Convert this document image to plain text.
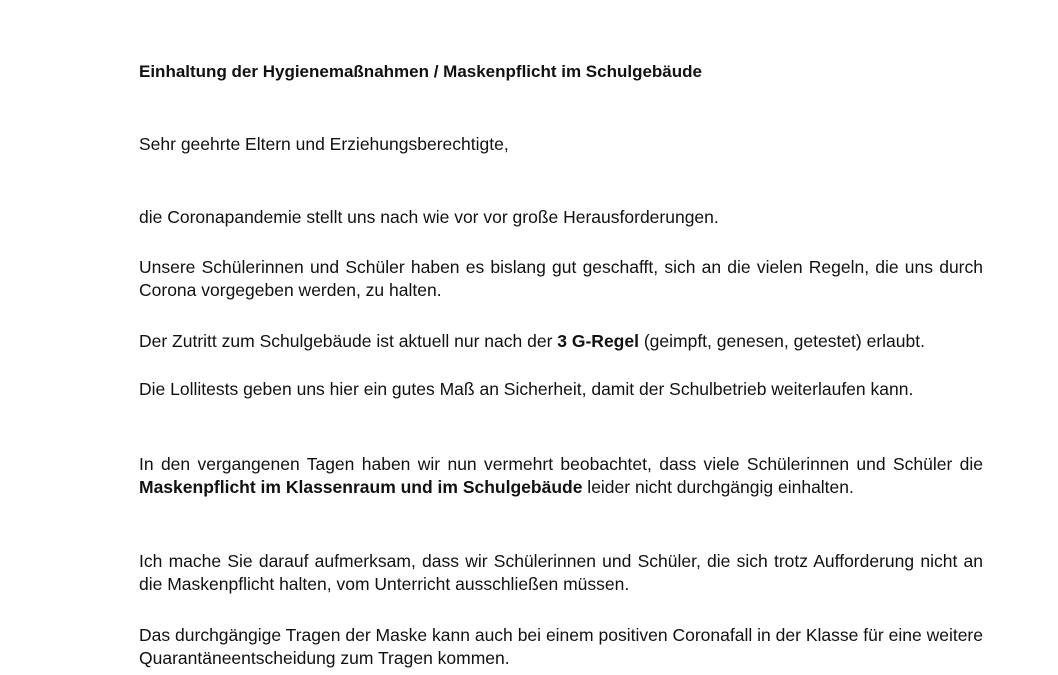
Einhaltung der Hygienemaßnahmen / Maskenpflicht im Schulgebäude
Sehr geehrte Eltern und Erziehungsberechtigte,
die Coronapandemie stellt uns nach wie vor vor große Herausforderungen.
Unsere Schülerinnen und Schüler haben es bislang gut geschafft, sich an die vielen Regeln, die uns durch Corona vorgegeben werden, zu halten.
Der Zutritt zum Schulgebäude ist aktuell nur nach der 3 G-Regel (geimpft, genesen, getestet) erlaubt.
Die Lollitests geben uns hier ein gutes Maß an Sicherheit, damit der Schulbetrieb weiterlaufen kann.
In den vergangenen Tagen haben wir nun vermehrt beobachtet, dass viele Schülerinnen und Schüler die Maskenpflicht im Klassenraum und im Schulgebäude leider nicht durchgängig einhalten.
Ich mache Sie darauf aufmerksam, dass wir Schülerinnen und Schüler, die sich trotz Aufforderung nicht an die Maskenpflicht halten, vom Unterricht ausschließen müssen.
Das durchgängige Tragen der Maske kann auch bei einem positiven Coronafall in der Klasse für eine weitere Quarantäneentscheidung zum Tragen kommen.
